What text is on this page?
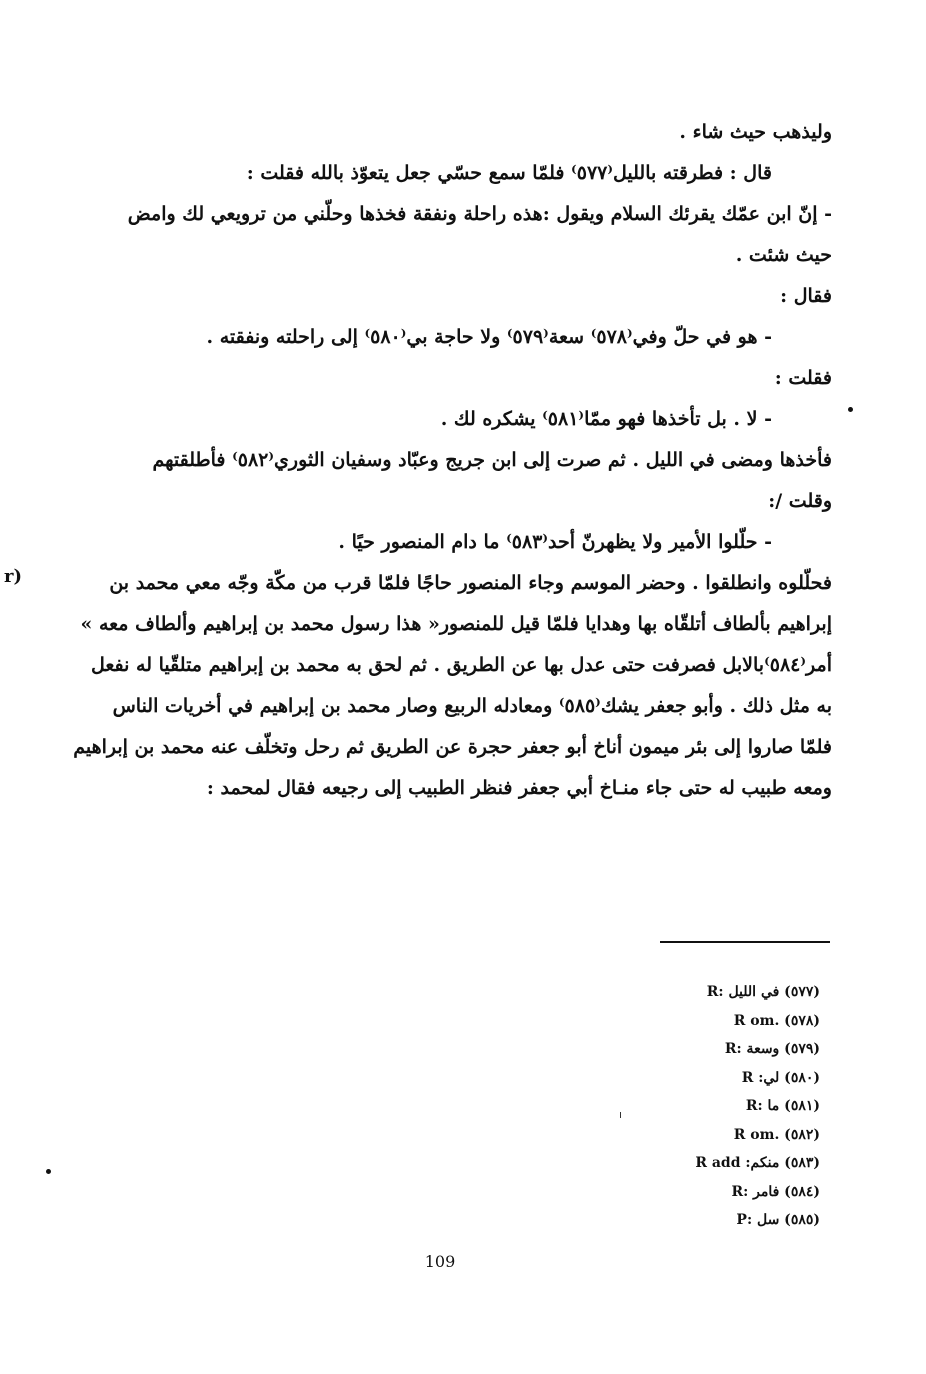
وليذهب حيث شاء .
قال : فطرقته بالليل⁽٥٧٧⁾ فلمّا سمع حسّي جعل يتعوّذ بالله فقلت :
- إنّ ابن عمّك يقرئك السلام ويقول :هذه راحلة ونفقة فخذها وحلّني من ترويعي لك وامض
حيث شئت .
فقال :
- هو في حلّ وفي⁽٥٧٨⁾ سعة⁽٥٧٩⁾ ولا حاجة بي⁽٥٨٠⁾ إلى راحلته ونفقته .
فقلت :
- لا . بل تأخذها فهو ممّا⁽٥٨١⁾ يشكره لك .
فأخذها ومضى في الليل . ثم صرت إلى ابن جريج وعبّاد وسفيان الثوري⁽٥٨٢⁾ فأطلقتهم
وقلت /:
- حلّلوا الأمير ولا يظهرنّ أحد⁽٥٨٣⁾ ما دام المنصور حيًا .
فحلّلوه وانطلقوا . وحضر الموسم وجاء المنصور حاجًا فلمّا قرب من مكّة وجّه معي محمد بن
إبراهيم بألطاف أتلقّاه بها وهدايا فلمّا قيل للمنصور« هذا رسول محمد بن إبراهيم وألطاف معه »
أمر⁽٥٨٤⁾بالابل فصرفت حتى عدل بها عن الطريق . ثم لحق به محمد بن إبراهيم متلقّيا له نفعل
به مثل ذلك . وأبو جعفر يشك⁽٥٨٥⁾ ومعادله الربيع وصار محمد بن إبراهيم في أخريات الناس
فلمّا صاروا إلى بئر ميمون أناخ أبو جعفر حجرة عن الطريق ثم رحل وتخلّف عنه محمد بن إبراهيم
ومعه طبيب له حتى جاء منـاخ أبي جعفر فنظر الطبيب إلى رجيعه فقال لمحمد :
r)
(٥٧٧) في الليل :R
(٥٧٨) .R om
(٥٧٩) وسعة :R
(٥٨٠) لي: R
(٥٨١) ما :R
(٥٨٢) .R om
(٥٨٣) منكم: R add
(٥٨٤) فامر :R
(٥٨٥) سل :P
109
